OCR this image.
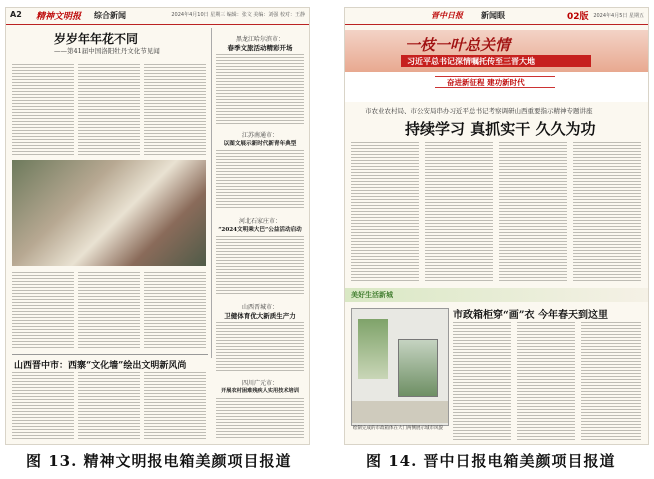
A2 精神文明报 综合新闻	2024年4月10日 星期三 编辑：张文 美编：刘强 校对：王静
岁岁年年花不同
——第41届中国洛阳牡丹文化节见闻
黑龙江哈尔滨市：
春季文旅活动精彩开场
江苏南通市：
以图文展示新时代新青年典型
河北石家庄市：
“2024文明乘大巴”公益活动启动
山西晋城市：
卫健体育优大新质生产力
四川广元市：
开展农村困难残疾人实用技术培训
山西晋中市：西寨“文化墙”绘出文明新风尚
晋中日报 新闻眼	02版 2024年4月5日 星期五
一枝一叶总关情
习近平总书记深情嘱托传至三晋大地
奋进新征程 建功新时代
市农业农村局、市公安局串办习近平总书记考察调研山西重要指示精神专题讲座
持续学习 真抓实干 久久为功
美好生活新城
市政箱柜穿“画”衣 今年春天到这里
绘制完成的市政箱体在大门两侧展示城市风貌
图 13. 精神文明报电箱美颜项目报道	图 14. 晋中日报电箱美颜项目报道
